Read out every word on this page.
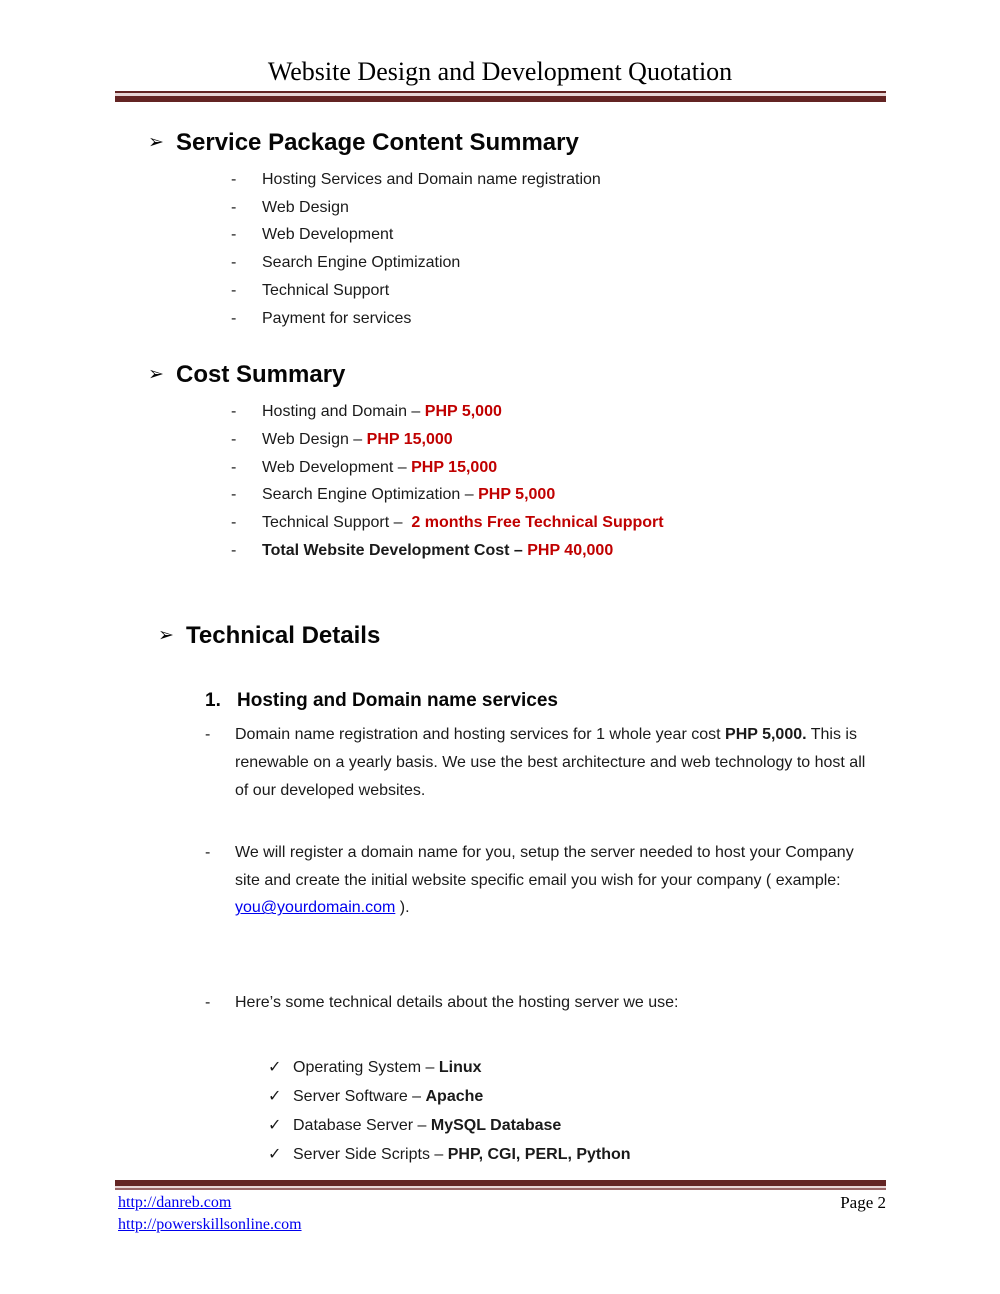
Website Design and Development Quotation
➢ Service Package Content Summary
- Hosting Services and Domain name registration
- Web Design
- Web Development
- Search Engine Optimization
- Technical Support
- Payment for services
➢ Cost Summary
- Hosting and Domain – PHP 5,000
- Web Design – PHP 15,000
- Web Development – PHP 15,000
- Search Engine Optimization – PHP 5,000
- Technical Support –  2 months Free Technical Support
- Total Website Development Cost – PHP 40,000
➢ Technical Details
1. Hosting and Domain name services
-	Domain name registration and hosting services for 1 whole year cost PHP 5,000. This is renewable on a yearly basis. We use the best architecture and web technology to host all of our developed websites.
-	We will register a domain name for you, setup the server needed to host your Company site and create the initial website specific email you wish for your company ( example: you@yourdomain.com ).
-	Here’s some technical details about the hosting server we use:
✓ Operating System – Linux
✓ Server Software – Apache
✓ Database Server – MySQL Database
✓ Server Side Scripts – PHP, CGI, PERL, Python
http://danreb.com
http://powerskillsonline.com
Page 2
